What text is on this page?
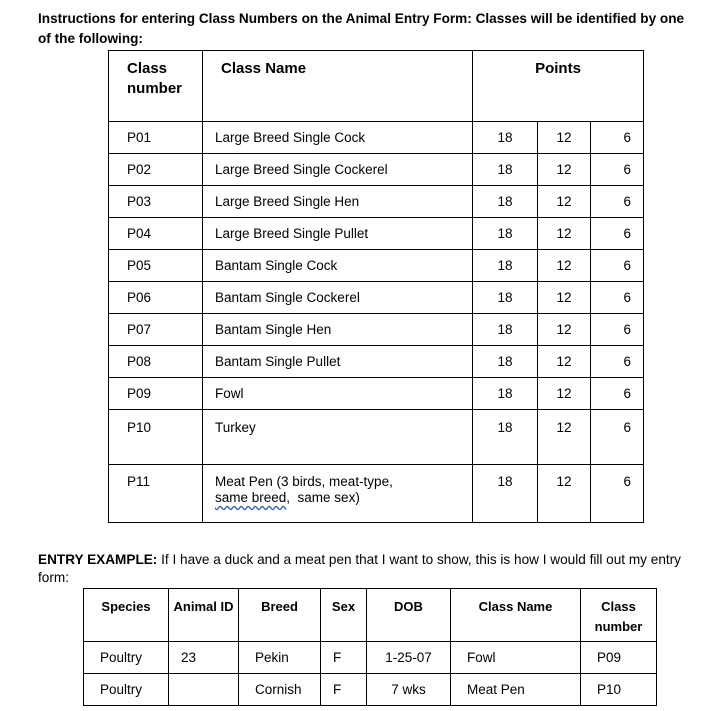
Instructions for entering Class Numbers on the Animal Entry Form: Classes will be identified by one of the following:
Class number	Class Name	Points		
P01	Large Breed Single Cock	18	12	6
P02	Large Breed Single Cockerel	18	12	6
P03	Large Breed Single Hen	18	12	6
P04	Large Breed Single Pullet	18	12	6
P05	Bantam Single Cock	18	12	6
P06	Bantam Single Cockerel	18	12	6
P07	Bantam Single Hen	18	12	6
P08	Bantam Single Pullet	18	12	6
P09	Fowl	18	12	6
P10	Turkey	18	12	6
P11	Meat Pen (3 birds, meat-type,
same breed,  same sex)	18	12	6
ENTRY EXAMPLE: If I have a duck and a meat pen that I want to show, this is how I would fill out my entry form:
Species	Animal ID	Breed	Sex	DOB	Class Name	Class number
Poultry	23	Pekin	F	1-25-07	Fowl	P09
Poultry		Cornish	F	7 wks	Meat Pen	P10
